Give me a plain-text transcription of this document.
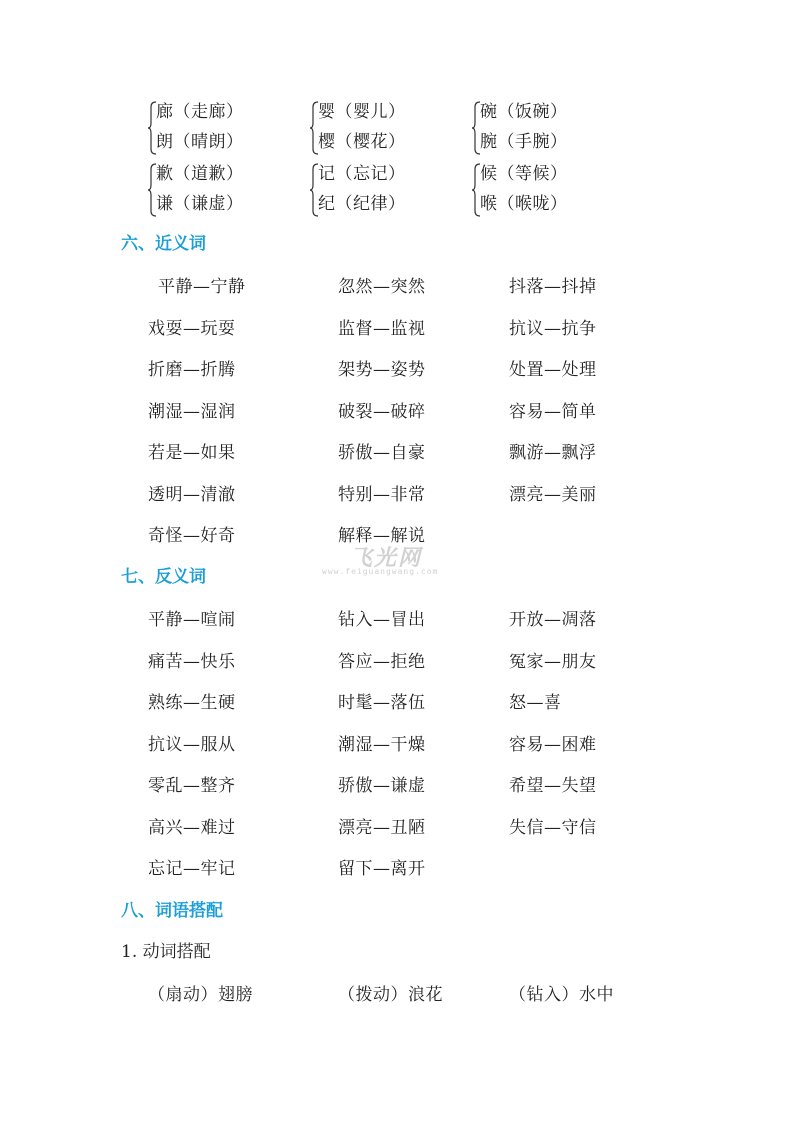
廊（走廊）
朗（晴朗）
婴（婴儿）
樱（樱花）
碗（饭碗）
腕（手腕）
歉（道歉）
谦（谦虚）
记（忘记）
纪（纪律）
候（等候）
喉（喉咙）
六、近义词
平静—宁静	忽然—突然	抖落—抖掉
戏耍—玩耍	监督—监视	抗议—抗争
折磨—折腾	架势—姿势	处置—处理
潮湿—湿润	破裂—破碎	容易—简单
若是—如果	骄傲—自豪	飘游—飘浮
透明—清澈	特别—非常	漂亮—美丽
奇怪—好奇	解释—解说
飞光网
www.feiguangwang.com
七、反义词
平静—喧闹	钻入—冒出	开放—凋落
痛苦—快乐	答应—拒绝	冤家—朋友
熟练—生硬	时髦—落伍	怒—喜
抗议—服从	潮湿—干燥	容易—困难
零乱—整齐	骄傲—谦虚	希望—失望
高兴—难过	漂亮—丑陋	失信—守信
忘记—牢记	留下—离开
八、词语搭配
1. 动词搭配
（扇动）翅膀	（拨动）浪花	（钻入）水中
